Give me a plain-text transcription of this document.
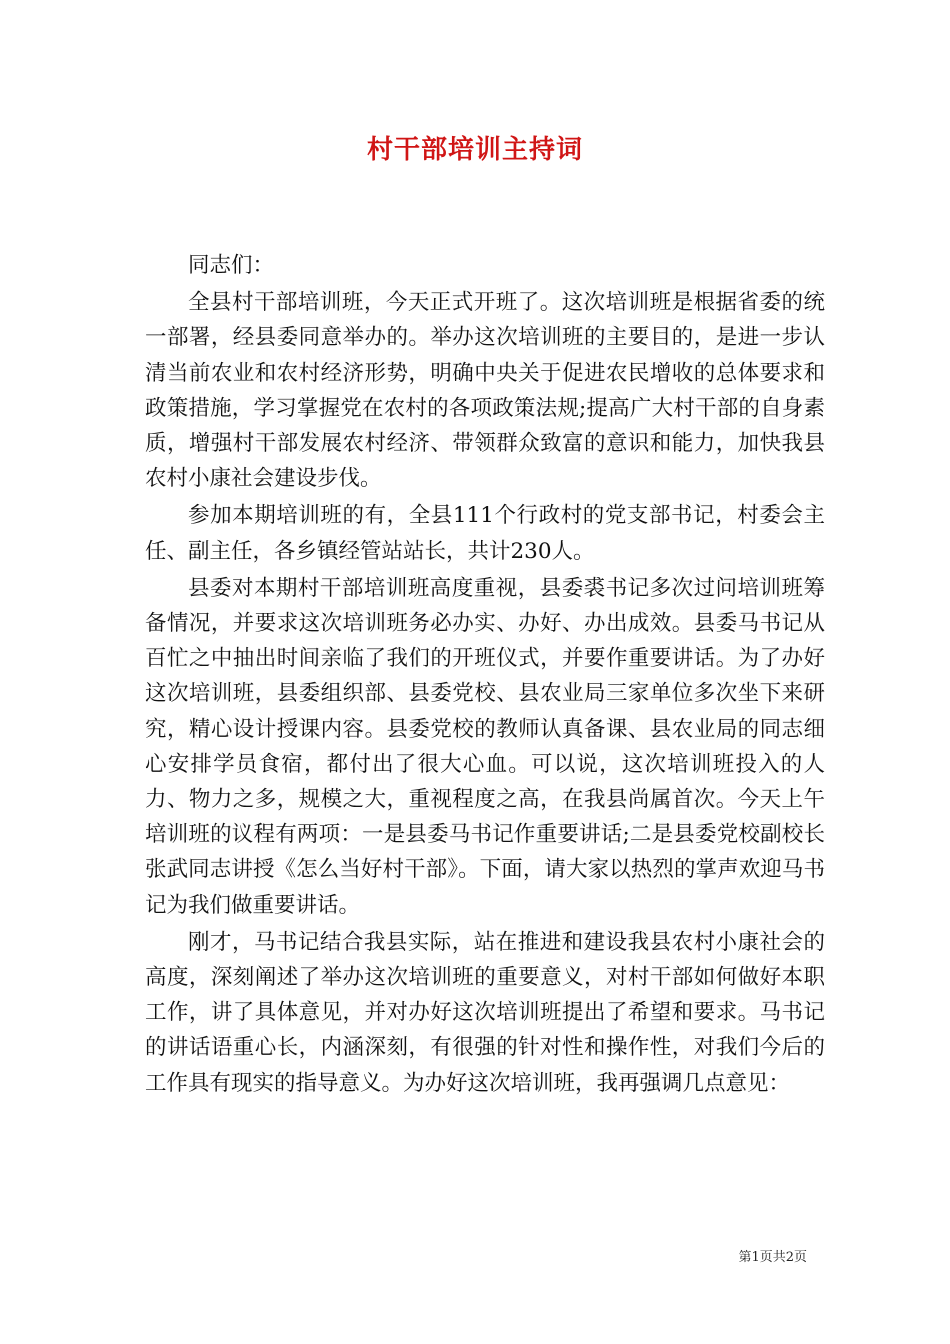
村干部培训主持词

同志们：

全县村干部培训班，今天正式开班了。这次培训班是根据省委的统一部署，经县委同意举办的。举办这次培训班的主要目的，是进一步认清当前农业和农村经济形势，明确中央关于促进农民增收的总体要求和政策措施，学习掌握党在农村的各项政策法规;提高广大村干部的自身素质，增强村干部发展农村经济、带领群众致富的意识和能力，加快我县农村小康社会建设步伐。

参加本期培训班的有，全县111个行政村的党支部书记，村委会主任、副主任，各乡镇经管站站长，共计230人。

县委对本期村干部培训班高度重视，县委裘书记多次过问培训班筹备情况，并要求这次培训班务必办实、办好、办出成效。县委马书记从百忙之中抽出时间亲临了我们的开班仪式，并要作重要讲话。为了办好这次培训班，县委组织部、县委党校、县农业局三家单位多次坐下来研究，精心设计授课内容。县委党校的教师认真备课、县农业局的同志细心安排学员食宿，都付出了很大心血。可以说，这次培训班投入的人力、物力之多，规模之大，重视程度之高，在我县尚属首次。今天上午培训班的议程有两项：一是县委马书记作重要讲话;二是县委党校副校长张武同志讲授《怎么当好村干部》。下面，请大家以热烈的掌声欢迎马书记为我们做重要讲话。

刚才，马书记结合我县实际，站在推进和建设我县农村小康社会的高度，深刻阐述了举办这次培训班的重要意义，对村干部如何做好本职工作，讲了具体意见，并对办好这次培训班提出了希望和要求。马书记的讲话语重心长，内涵深刻，有很强的针对性和操作性，对我们今后的工作具有现实的指导意义。为办好这次培训班，我再强调几点意见：

第1页共2页
